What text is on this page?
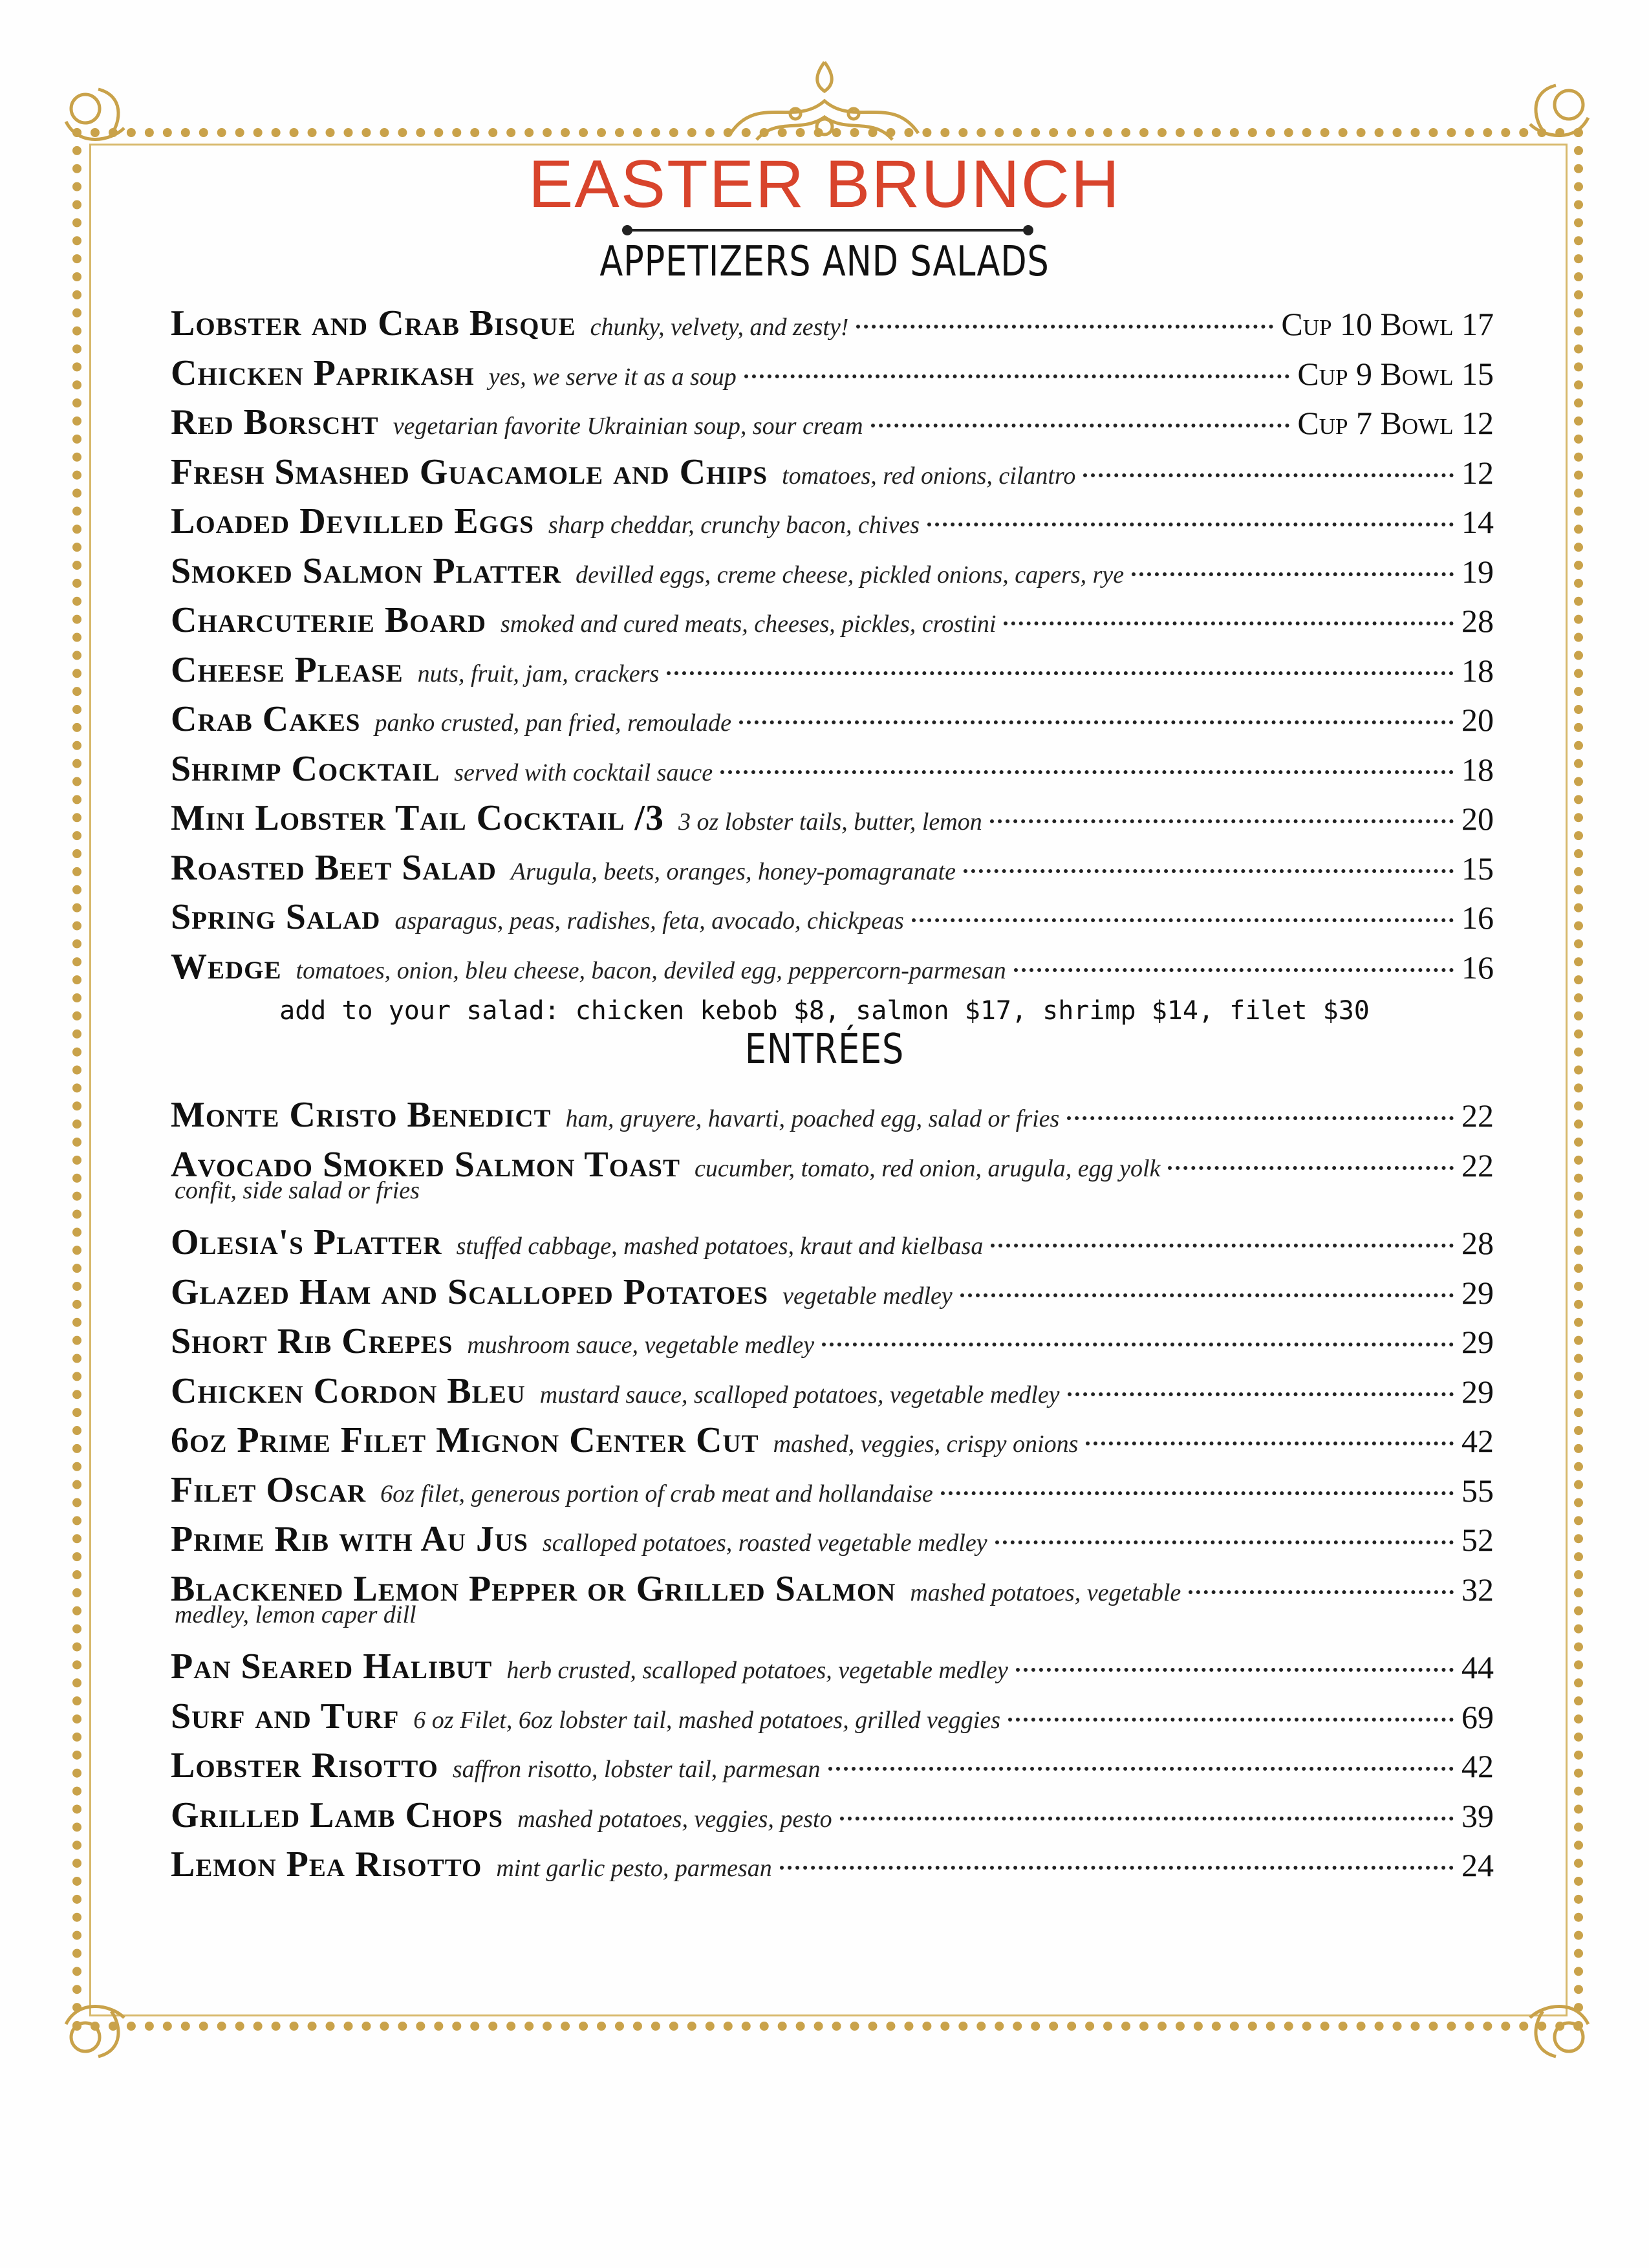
EASTER BRUNCH
APPETIZERS AND SALADS
Lobster and Crab Bisque chunky, velvety, and zesty!	Cup 10 Bowl 17
Chicken Paprikash yes, we serve it as a soup	Cup 9 Bowl 15
Red Borscht vegetarian favorite Ukrainian soup, sour cream	Cup 7 Bowl 12
Fresh Smashed Guacamole and Chips tomatoes, red onions, cilantro	12
Loaded Devilled Eggs sharp cheddar, crunchy bacon, chives	14
Smoked Salmon Platter devilled eggs, creme cheese, pickled onions, capers, rye	19
Charcuterie Board smoked and cured meats, cheeses, pickles, crostini	28
Cheese Please nuts, fruit, jam, crackers	18
Crab Cakes panko crusted, pan fried, remoulade	20
Shrimp Cocktail served with cocktail sauce	18
Mini Lobster Tail Cocktail /3 3 oz lobster tails, butter, lemon	20
Roasted Beet Salad Arugula, beets, oranges, honey-pomagranate	15
Spring Salad asparagus, peas, radishes, feta, avocado, chickpeas	16
Wedge tomatoes, onion, bleu cheese, bacon, deviled egg, peppercorn-parmesan	16
add to your salad: chicken kebob $8, salmon $17, shrimp $14, filet $30
ENTRÉES
Monte Cristo Benedict ham, gruyere, havarti, poached egg, salad or fries	22
Avocado Smoked Salmon Toast cucumber, tomato, red onion, arugula, egg yolk	22
confit, side salad or fries
Olesia's Platter stuffed cabbage, mashed potatoes, kraut and kielbasa	28
Glazed Ham and Scalloped Potatoes vegetable medley	29
Short Rib Crepes mushroom sauce, vegetable medley	29
Chicken Cordon Bleu mustard sauce, scalloped potatoes, vegetable medley	29
6oz Prime Filet Mignon Center Cut mashed, veggies, crispy onions	42
Filet Oscar 6oz filet, generous portion of crab meat and hollandaise	55
Prime Rib with Au Jus scalloped potatoes, roasted vegetable medley	52
Blackened Lemon Pepper or Grilled Salmon mashed potatoes, vegetable	32
medley, lemon caper dill
Pan Seared Halibut herb crusted, scalloped potatoes, vegetable medley	44
Surf and Turf 6 oz Filet, 6oz lobster tail, mashed potatoes, grilled veggies	69
Lobster Risotto saffron risotto, lobster tail, parmesan	42
Grilled Lamb Chops mashed potatoes, veggies, pesto	39
Lemon Pea Risotto mint garlic pesto, parmesan	24
